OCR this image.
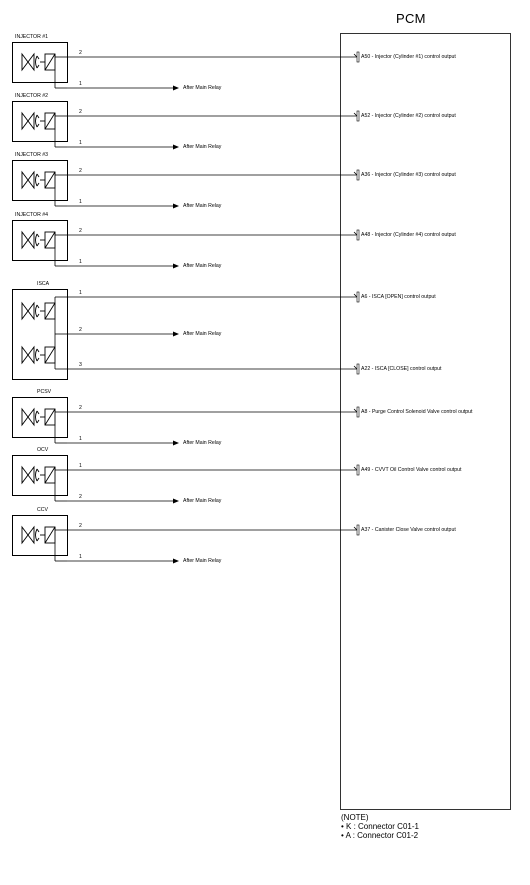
PCM
INJECTOR #1
2
A50 - Injector (Cylinder #1) control output
1
After Main Relay
INJECTOR #2
2
A52 - Injector (Cylinder #2) control output
1
After Main Relay
INJECTOR #3
2
A36 - Injector (Cylinder #3) control output
1
After Main Relay
INJECTOR #4
2
A48 - Injector (Cylinder #4) control output
1
After Main Relay
ISCA
1
A6 - ISCA [OPEN] control output
2
After Main Relay
3
A22 - ISCA [CLOSE] control output
PCSV
2
A8 - Purge Control Solenoid Valve control output
1
After Main Relay
OCV
1
A49 - CVVT Oil Control Valve control output
2
After Main Relay
CCV
2
A37 - Canister Close Valve control output
1
After Main Relay
(NOTE)
• K : Connector C01-1
• A : Connector C01-2
